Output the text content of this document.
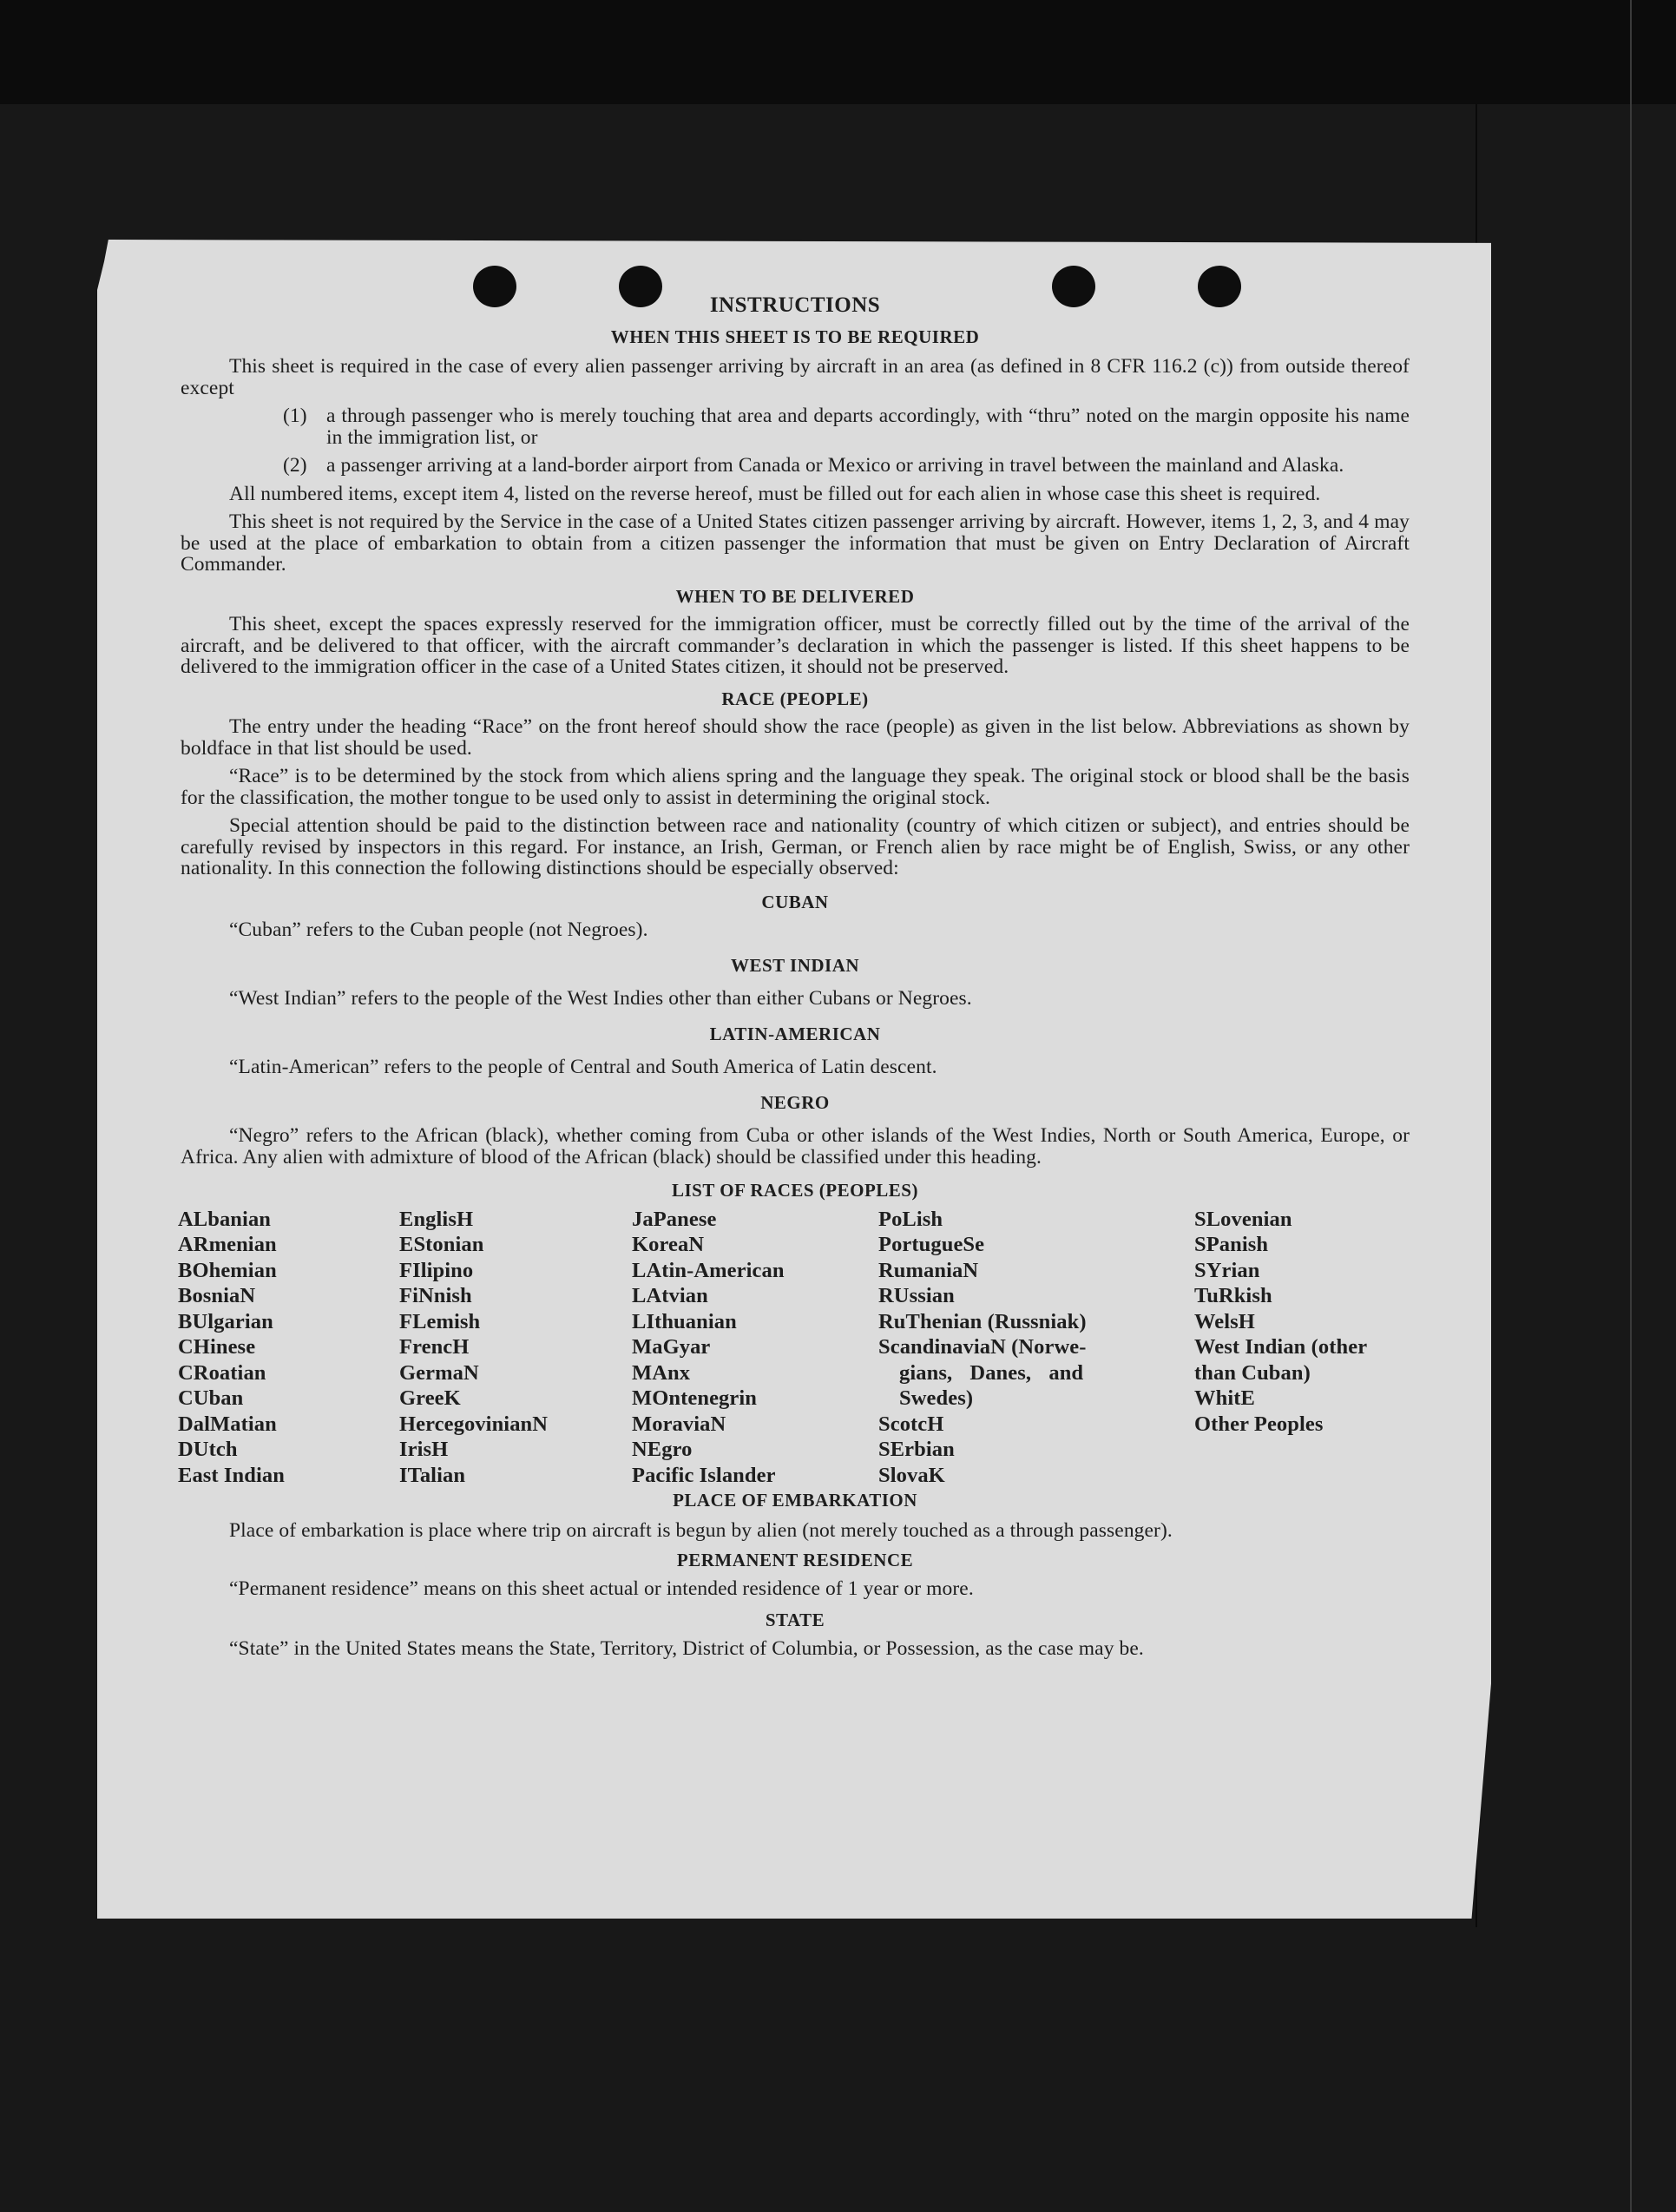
INSTRUCTIONS
WHEN THIS SHEET IS TO BE REQUIRED

This sheet is required in the case of every alien passenger arriving by aircraft in an area (as defined in 8 CFR 116.2 (c)) from outside thereof except

(1) a through passenger who is merely touching that area and departs accordingly, with “thru” noted on the margin opposite his name in the immigration list, or
(2) a passenger arriving at a land-border airport from Canada or Mexico or arriving in travel between the mainland and Alaska.

All numbered items, except item 4, listed on the reverse hereof, must be filled out for each alien in whose case this sheet is required.

This sheet is not required by the Service in the case of a United States citizen passenger arriving by aircraft. However, items 1, 2, 3, and 4 may be used at the place of embarkation to obtain from a citizen passenger the information that must be given on Entry Declaration of Aircraft Commander.

WHEN TO BE DELIVERED

This sheet, except the spaces expressly reserved for the immigration officer, must be correctly filled out by the time of the arrival of the aircraft, and be delivered to that officer, with the aircraft commander’s declaration in which the passenger is listed. If this sheet happens to be delivered to the immigration officer in the case of a United States citizen, it should not be preserved.

RACE (PEOPLE)

The entry under the heading “Race” on the front hereof should show the race (people) as given in the list below. Abbreviations as shown by boldface in that list should be used.

“Race” is to be determined by the stock from which aliens spring and the language they speak. The original stock or blood shall be the basis for the classification, the mother tongue to be used only to assist in determining the original stock.

Special attention should be paid to the distinction between race and nationality (country of which citizen or subject), and entries should be carefully revised by inspectors in this regard. For instance, an Irish, German, or French alien by race might be of English, Swiss, or any other nationality. In this connection the following distinctions should be especially observed:

CUBAN

“Cuban” refers to the Cuban people (not Negroes).

WEST INDIAN

“West Indian” refers to the people of the West Indies other than either Cubans or Negroes.

LATIN-AMERICAN

“Latin-American” refers to the people of Central and South America of Latin descent.

NEGRO

“Negro” refers to the African (black), whether coming from Cuba or other islands of the West Indies, North or South America, Europe, or Africa. Any alien with admixture of blood of the African (black) should be classified under this heading.

LIST OF RACES (PEOPLES)
ALbanian
ARmenian
BOhemian
BosniaN
BUlgarian
CHinese
CRoatian
CUban
DalMatian
DUtch
East Indian
EnglisH
EStonian
FIlipino
FiNnish
FLemish
FrencH
GermaN
GreeK
HercegovinianN
IrisH
ITalian
JaPanese
KoreaN
LAtin-American
LAtvian
LIthuanian
MaGyar
MAnx
MOntenegrin
MoraviaN
NEgro
Pacific Islander
PoLish
PortugueSe
RumaniaN
RUssian
RuThenian (Russniak)
ScandinaviaN (Norwe-
gians, Danes, and
Swedes)
ScotcH
SErbian
SlovaK
SLovenian
SPanish
SYrian
TuRkish
WelsH
West Indian (other
than Cuban)
WhitE
Other Peoples
PLACE OF EMBARKATION

Place of embarkation is place where trip on aircraft is begun by alien (not merely touched as a through passenger).

PERMANENT RESIDENCE

“Permanent residence” means on this sheet actual or intended residence of 1 year or more.

STATE

“State” in the United States means the State, Territory, District of Columbia, or Possession, as the case may be.
